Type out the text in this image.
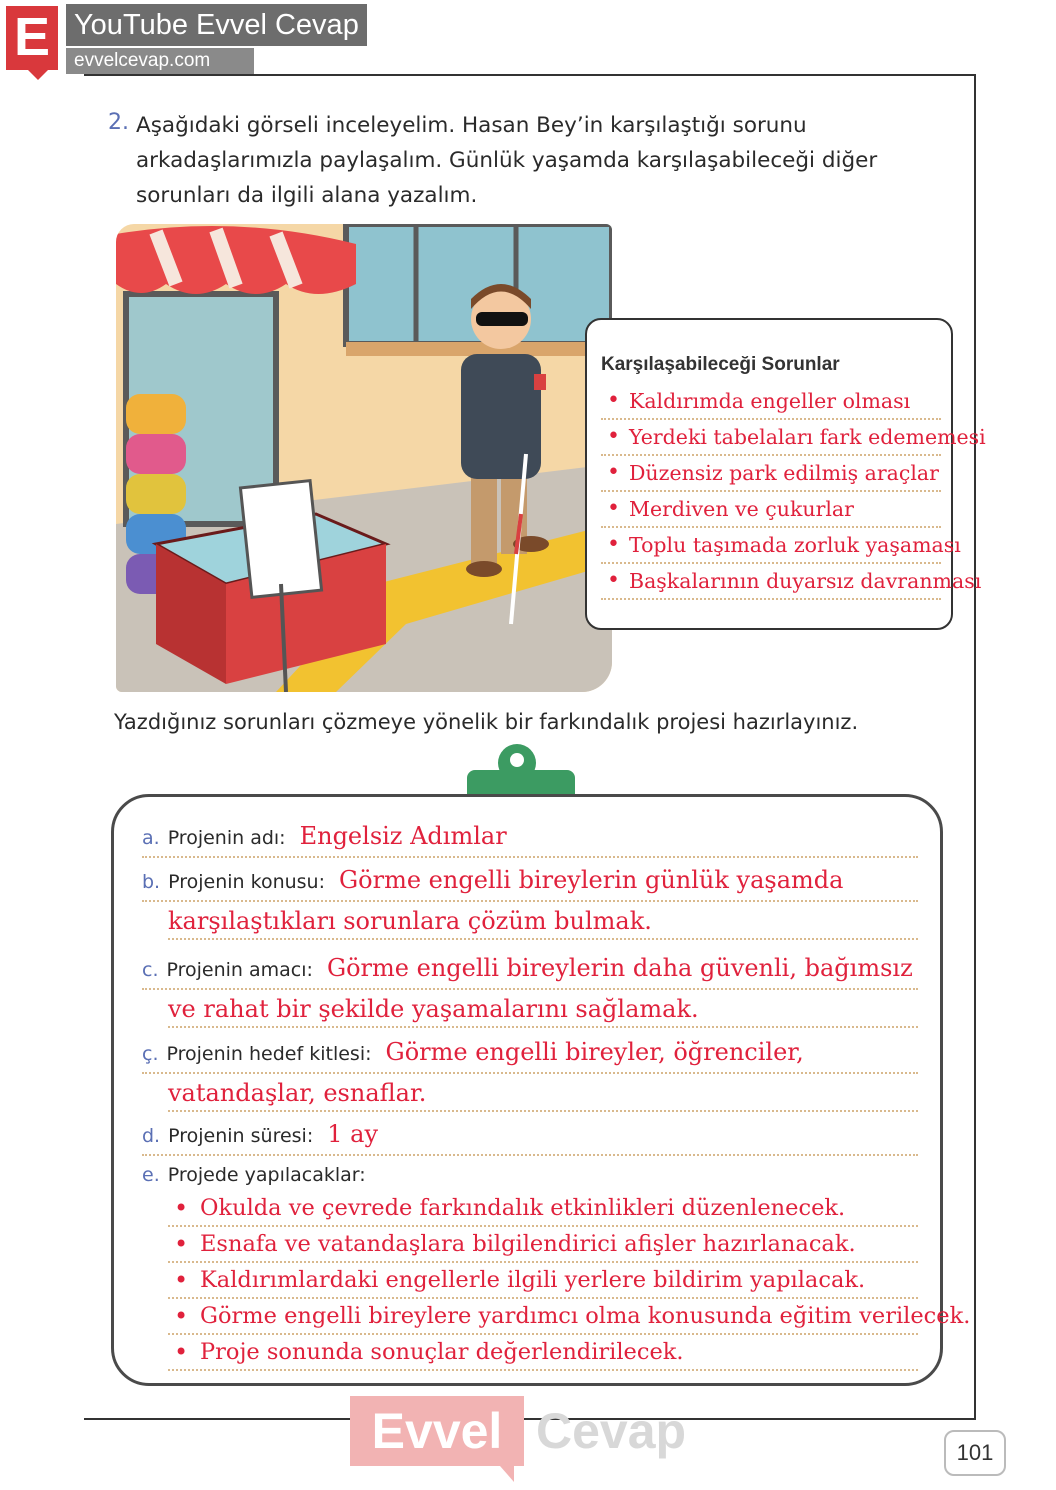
E YouTube Evvel Cevap
evvelcevap.com
2. Aşağıdaki görseli inceleyelim. Hasan Bey’in karşılaştığı sorunu arkadaşlarımızla paylaşalım. Günlük yaşamda karşılaşabileceği diğer sorunları da ilgili alana yazalım.
Karşılaşabileceği Sorunlar
• Kaldırımda engeller olması
• Yerdeki tabelaları fark edememesi
• Düzensiz park edilmiş araçlar
• Merdiven ve çukurlar
• Toplu taşımada zorluk yaşaması
• Başkalarının duyarsız davranması
Yazdığınız sorunları çözmeye yönelik bir farkındalık projesi hazırlayınız.
a. Projenin adı: Engelsiz Adımlar
b. Projenin konusu: Görme engelli bireylerin günlük yaşamda
karşılaştıkları sorunlara çözüm bulmak.
c. Projenin amacı: Görme engelli bireylerin daha güvenli, bağımsız
ve rahat bir şekilde yaşamalarını sağlamak.
ç. Projenin hedef kitlesi: Görme engelli bireyler, öğrenciler,
vatandaşlar, esnaflar.
d. Projenin süresi: 1 ay
e. Projede yapılacaklar:
• Okulda ve çevrede farkındalık etkinlikleri düzenlenecek.
• Esnafa ve vatandaşlara bilgilendirici afişler hazırlanacak.
• Kaldırımlardaki engellerle ilgili yerlere bildirim yapılacak.
• Görme engelli bireylere yardımcı olma konusunda eğitim verilecek.
• Proje sonunda sonuçlar değerlendirilecek.
Evvel Cevap	101
